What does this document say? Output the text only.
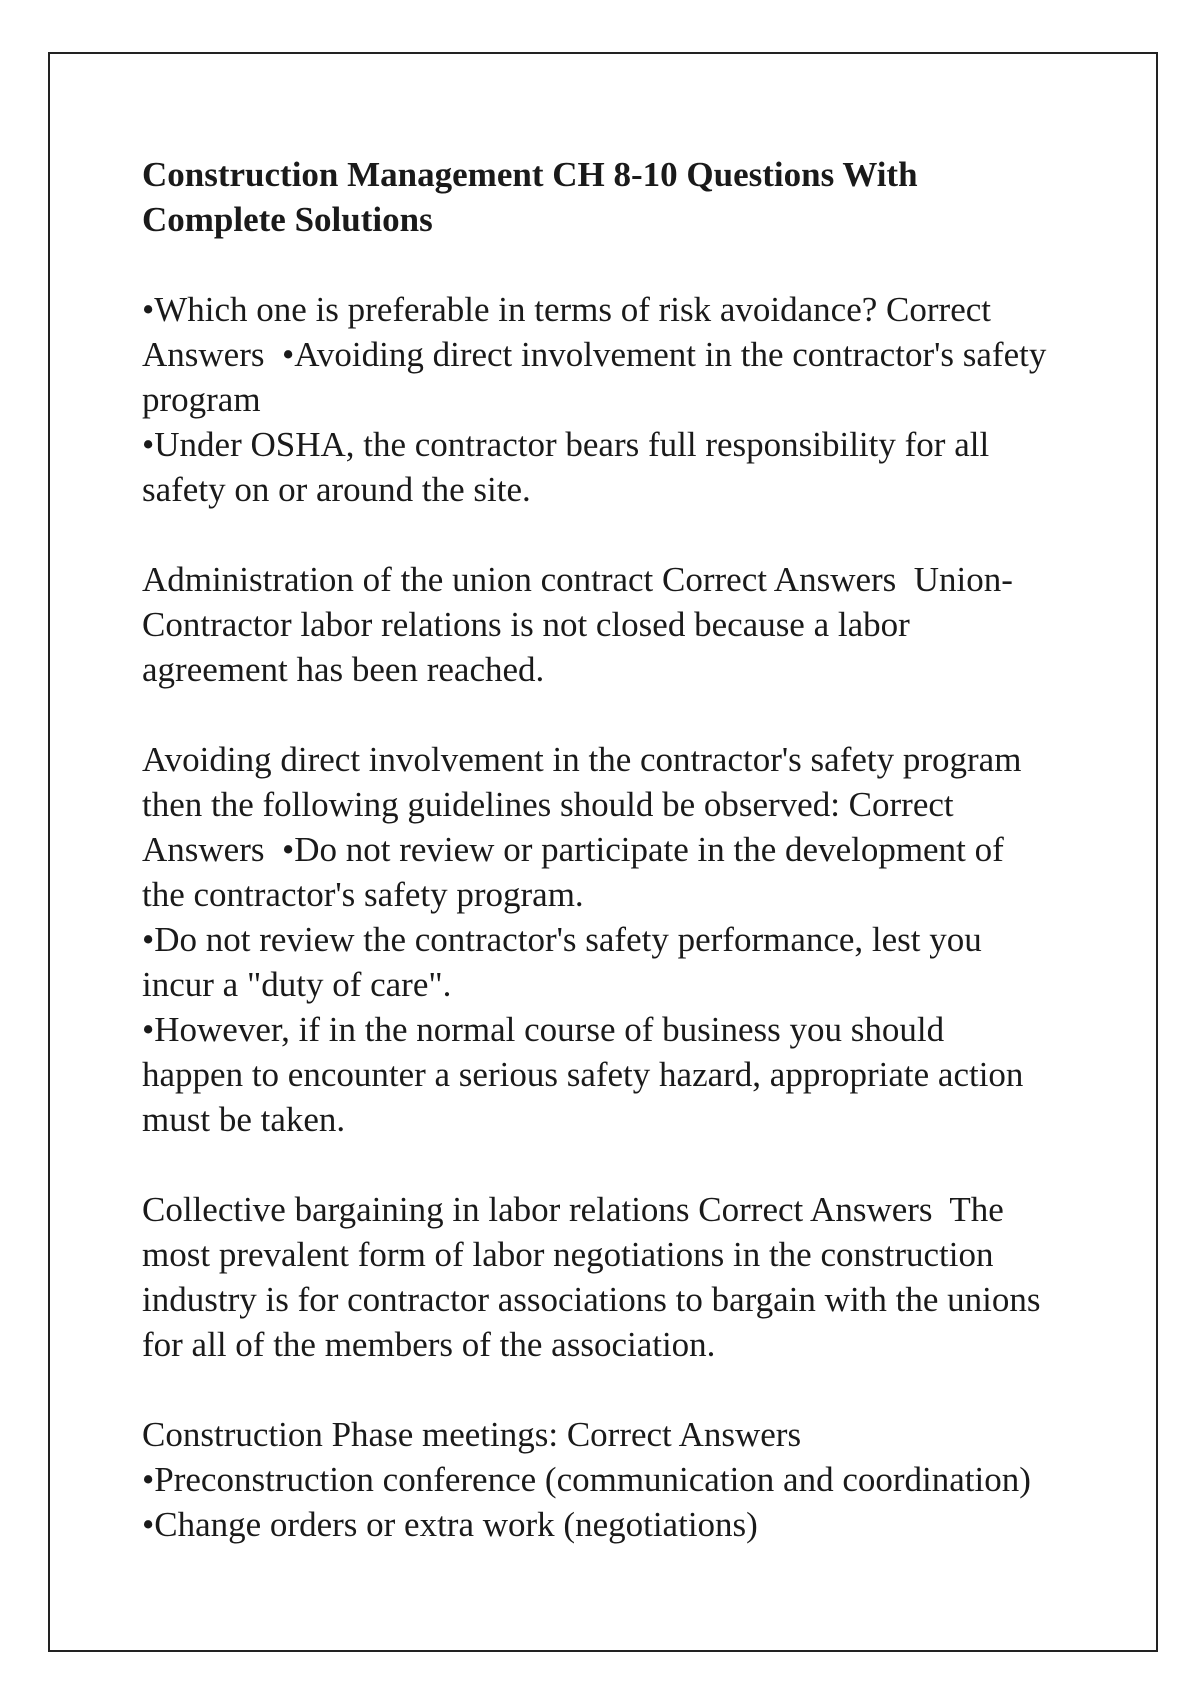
Construction Management CH 8-10 Questions With Complete Solutions
•Which one is preferable in terms of risk avoidance? Correct
Answers  •Avoiding direct involvement in the contractor's safety
program
•Under OSHA, the contractor bears full responsibility for all
safety on or around the site.
Administration of the union contract Correct Answers  Union-
Contractor labor relations is not closed because a labor
agreement has been reached.
Avoiding direct involvement in the contractor's safety program
then the following guidelines should be observed: Correct
Answers  •Do not review or participate in the development of
the contractor's safety program.
•Do not review the contractor's safety performance, lest you
incur a "duty of care".
•However, if in the normal course of business you should
happen to encounter a serious safety hazard, appropriate action
must be taken.
Collective bargaining in labor relations Correct Answers  The
most prevalent form of labor negotiations in the construction
industry is for contractor associations to bargain with the unions
for all of the members of the association.
Construction Phase meetings: Correct Answers
•Preconstruction conference (communication and coordination)
•Change orders or extra work (negotiations)
